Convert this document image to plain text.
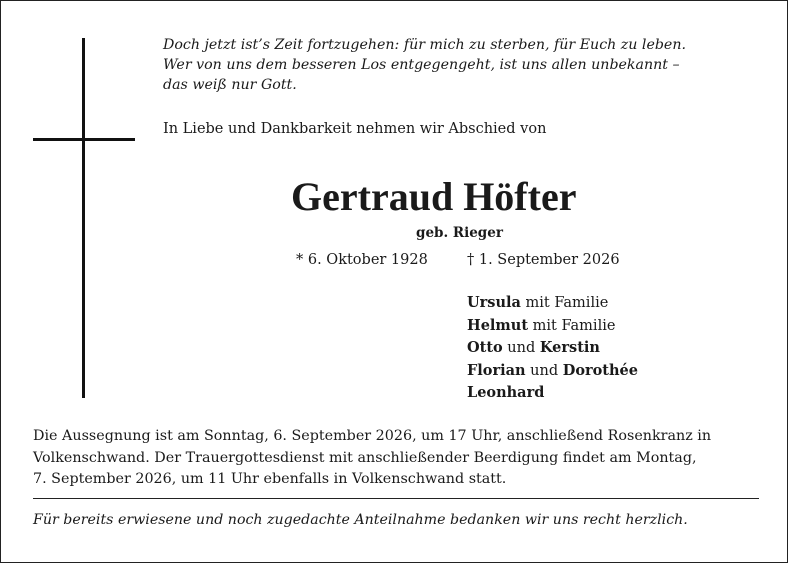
Doch jetzt ist’s Zeit fortzugehen: für mich zu sterben, für Euch zu leben.
Wer von uns dem besseren Los entgegengeht, ist uns allen unbekannt –
das weiß nur Gott.
In Liebe und Dankbarkeit nehmen wir Abschied von
Gertraud Höfter
geb. Rieger
* 6. Oktober 1928	† 1. September 2026
Ursula mit Familie
Helmut mit Familie
Otto und Kerstin
Florian und Dorothée
Leonhard
Die Aussegnung ist am Sonntag, 6. September 2026, um 17 Uhr, anschließend Rosenkranz in
Volkenschwand. Der Trauergottesdienst mit anschließender Beerdigung findet am Montag,
7. September 2026, um 11 Uhr ebenfalls in Volkenschwand statt.
Für bereits erwiesene und noch zugedachte Anteilnahme bedanken wir uns recht herzlich.
